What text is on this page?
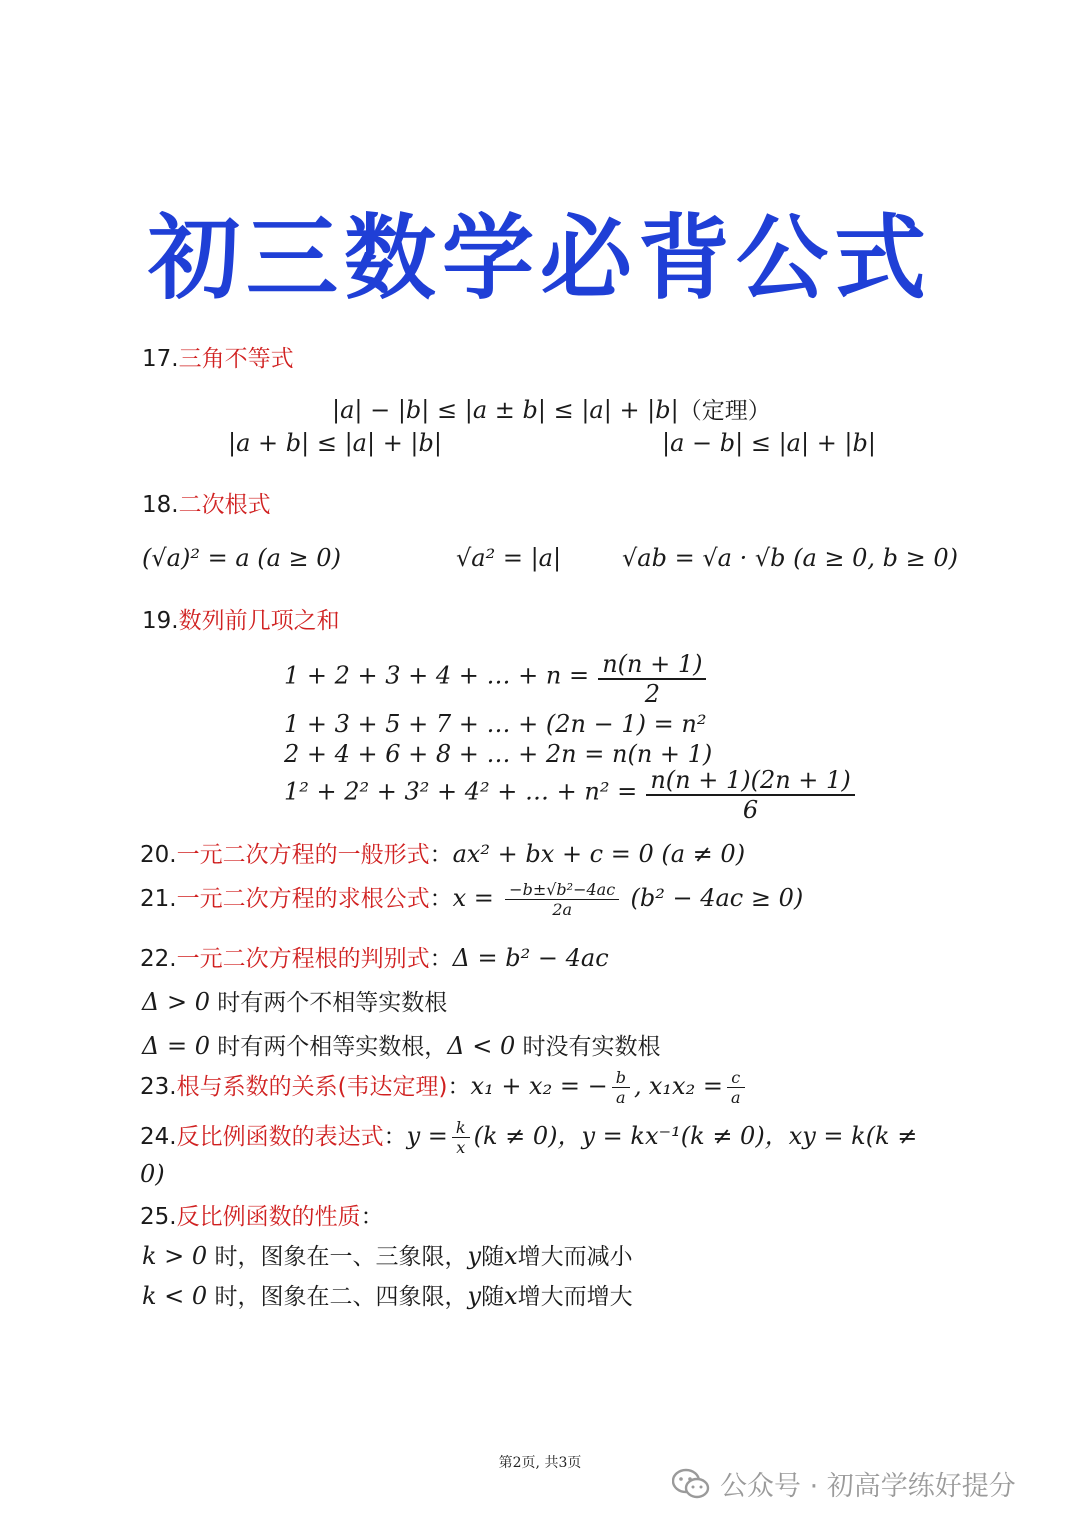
初三数学必背公式
17.三角不等式
|a| − |b| ≤ |a ± b| ≤ |a| + |b|（定理）
|a + b| ≤ |a| + |b|	|a − b| ≤ |a| + |b|
18.二次根式
(√a)² = a (a ≥ 0)	√a² = |a|	√ab = √a · √b (a ≥ 0, b ≥ 0)
19.数列前几项之和
1 + 2 + 3 + 4 + … + $n = \frac{n(n + 1)}{2}$
1 + 3 + 5 + 7 + … + (2n − 1) = n²
2 + 4 + 6 + 8 + … + 2n = n(n + 1)
1² + 2² + 3² + 4² + … + $n^2 = \frac{n(n + 1)(2n + 1)}{6}$
20.一元二次方程的一般形式：ax² + bx + c = 0 (a ≠ 0)
21.一元二次方程的求根公式：$x = \frac{\text{−b±√b²−4ac}}{2a} (b^2 - 4ac \ge 0)$
22.一元二次方程根的判别式：Δ = b² − 4ac
Δ > 0 时有两个不相等实数根
Δ = 0 时有两个相等实数根，Δ < 0 时没有实数根
23.根与系数的关系(韦达定理)：x₁ + x₂ = − $\frac{b}{a}$ , $x_1x_2 = \frac{c}{a}$
24.反比例函数的表达式：$y = \frac{k}{x} (k \ne 0)$，y = kx⁻¹(k ≠ 0)，xy = k(k ≠
0)
25.反比例函数的性质：
k > 0 时，图象在一、三象限，y随x增大而减小
k < 0 时，图象在二、四象限，y随x增大而增大
第2页, 共3页
公众号 · 初高学练好提分
